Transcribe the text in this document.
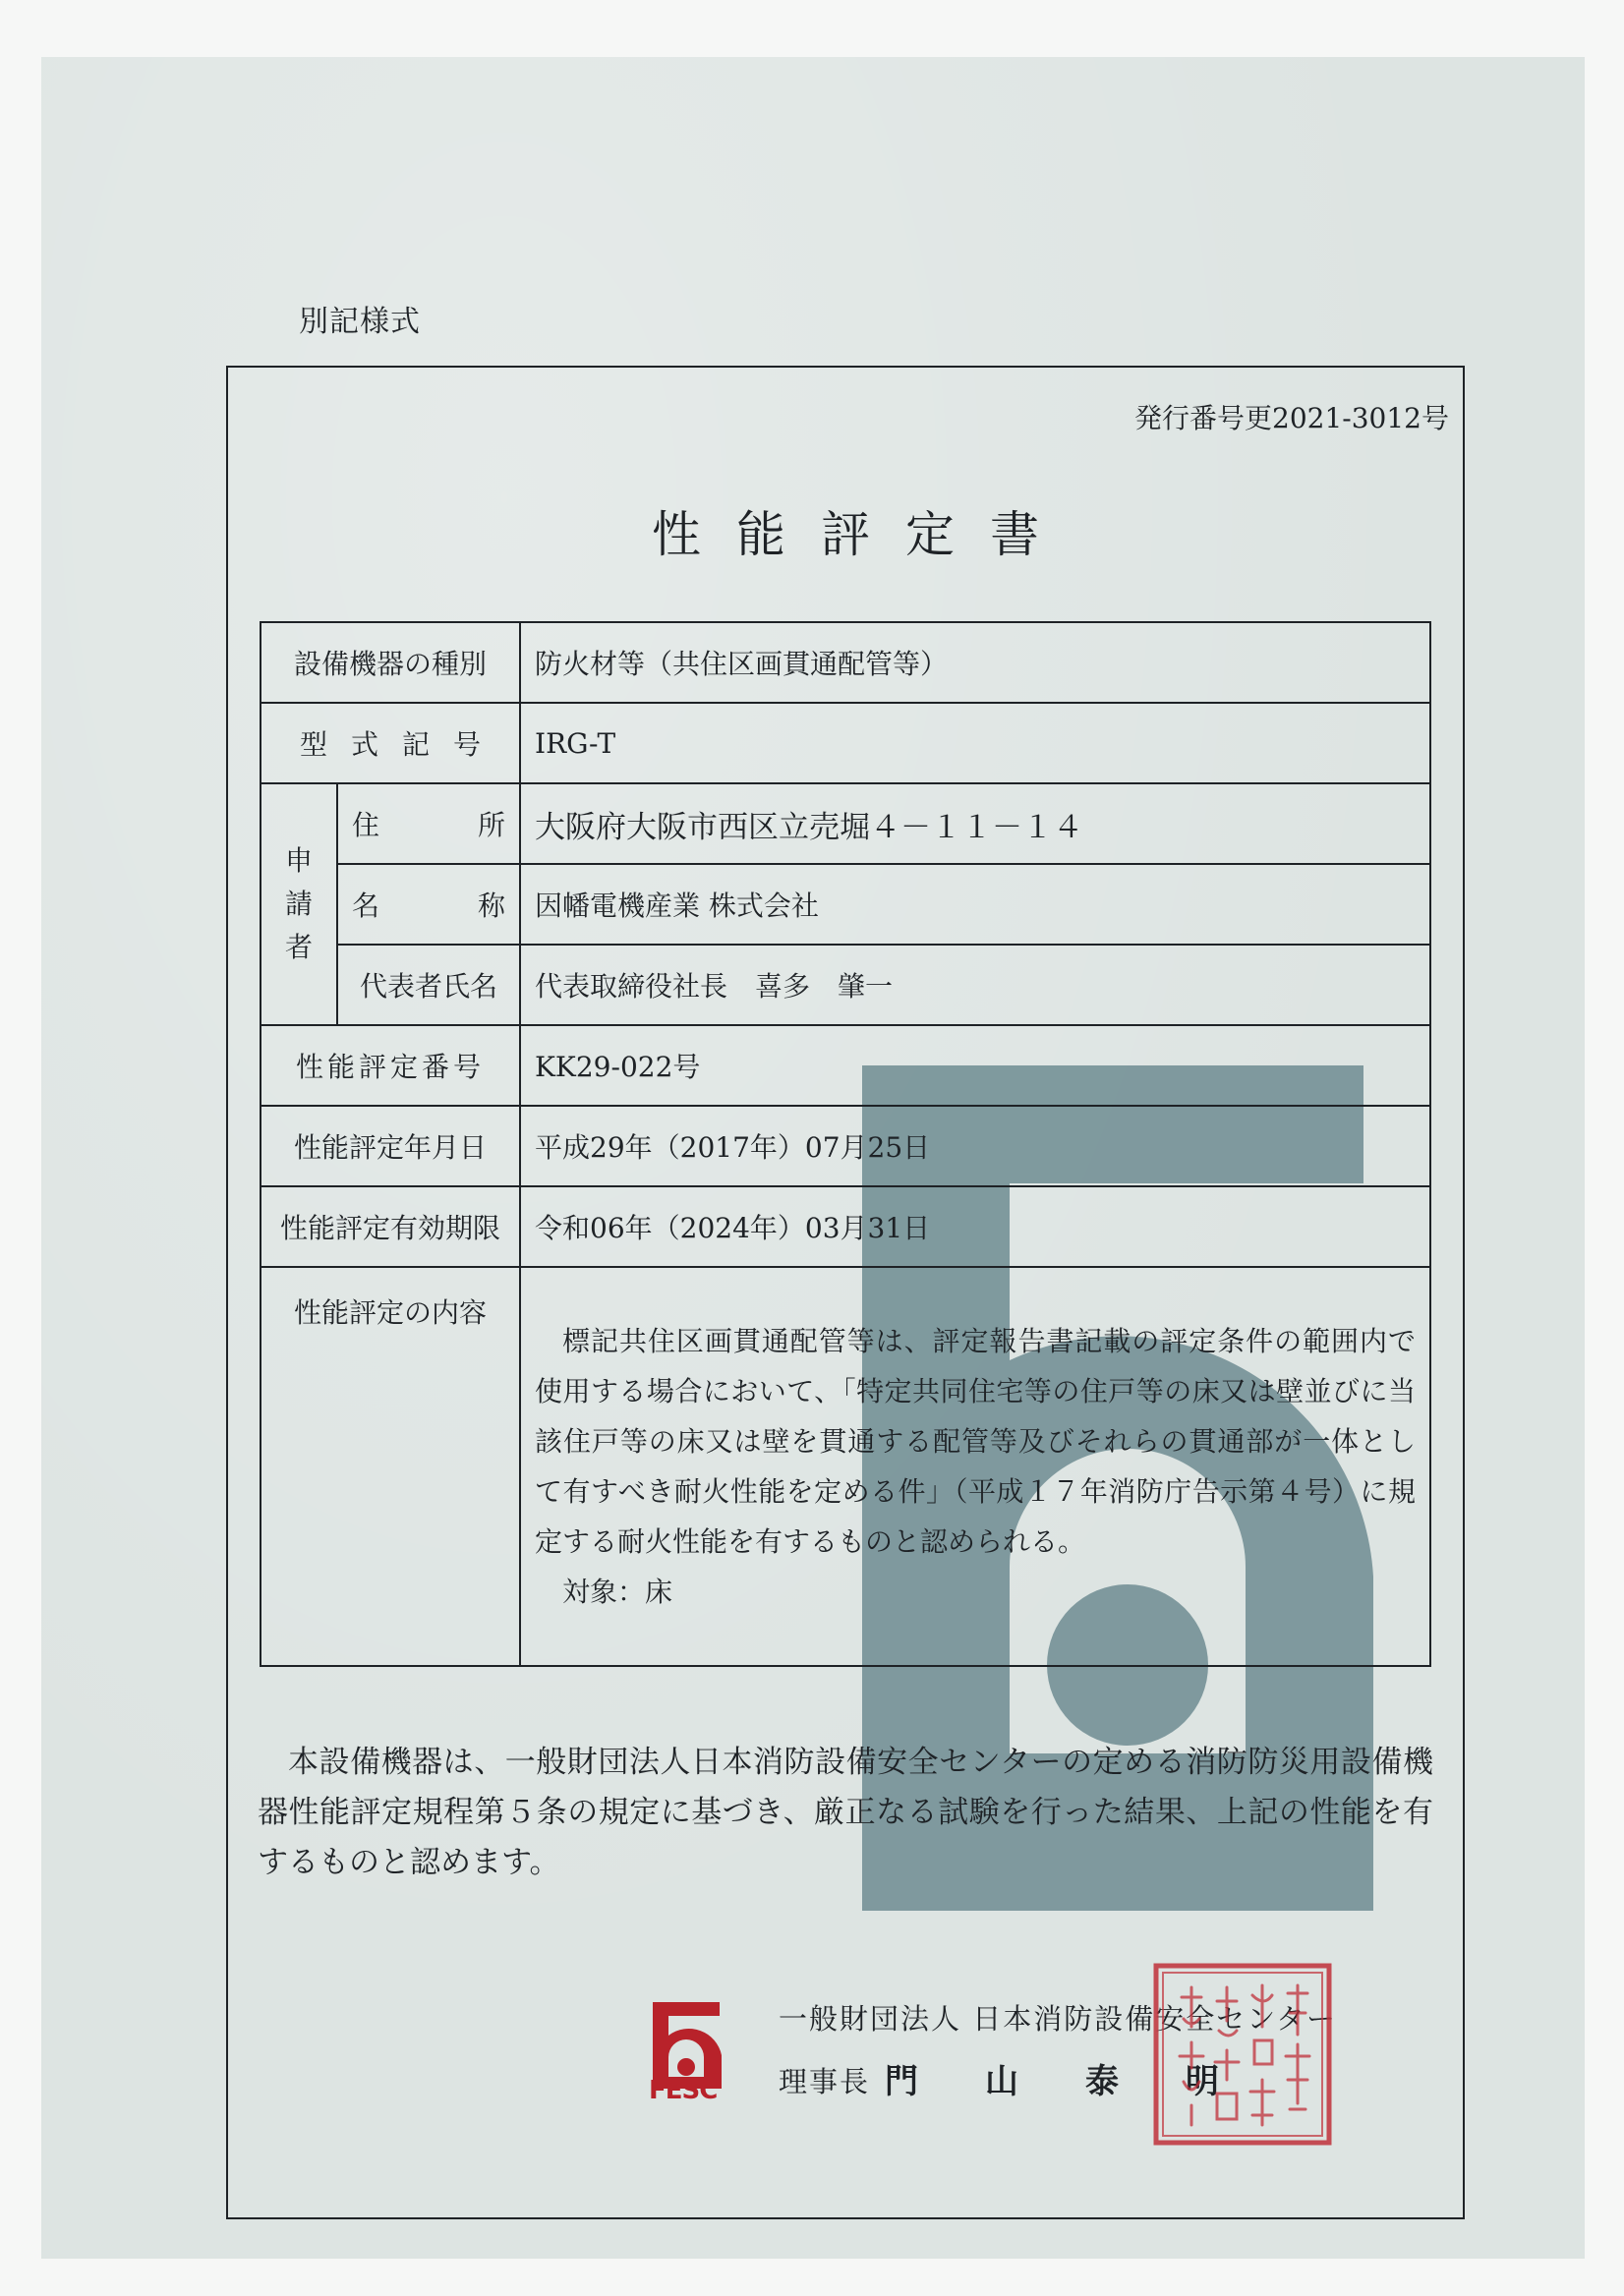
別記様式
発行番号更2021-3012号
性能評定書
設備機器の種別		防火材等（共住区画貫通配管等）
型式記号		IRG-T
申請者	住所	大阪府大阪市西区立売堀４－１１－１４
	名称	因幡電機産業 株式会社
	代表者氏名	代表取締役社長　喜多　肇一
性能評定番号		KK29-022号
性能評定年月日		平成29年（2017年）07月25日
性能評定有効期限		令和06年（2024年）03月31日
性能評定の内容		標記共住区画貫通配管等は、評定報告書記載の評定条件の範囲内で使用する場合において、「特定共同住宅等の住戸等の床又は壁並びに当該住戸等の床又は壁を貫通する配管等及びそれらの貫通部が一体として有すべき耐火性能を定める件」（平成１７年消防庁告示第４号）に規定する耐火性能を有するものと認められる。
対象：床
本設備機器は、一般財団法人日本消防設備安全センターの定める消防防災用設備機器性能評定規程第５条の規定に基づき、厳正なる試験を行った結果、上記の性能を有するものと認めます。
FESC
一般財団法人 日本消防設備安全センター
理事長 門山泰明
